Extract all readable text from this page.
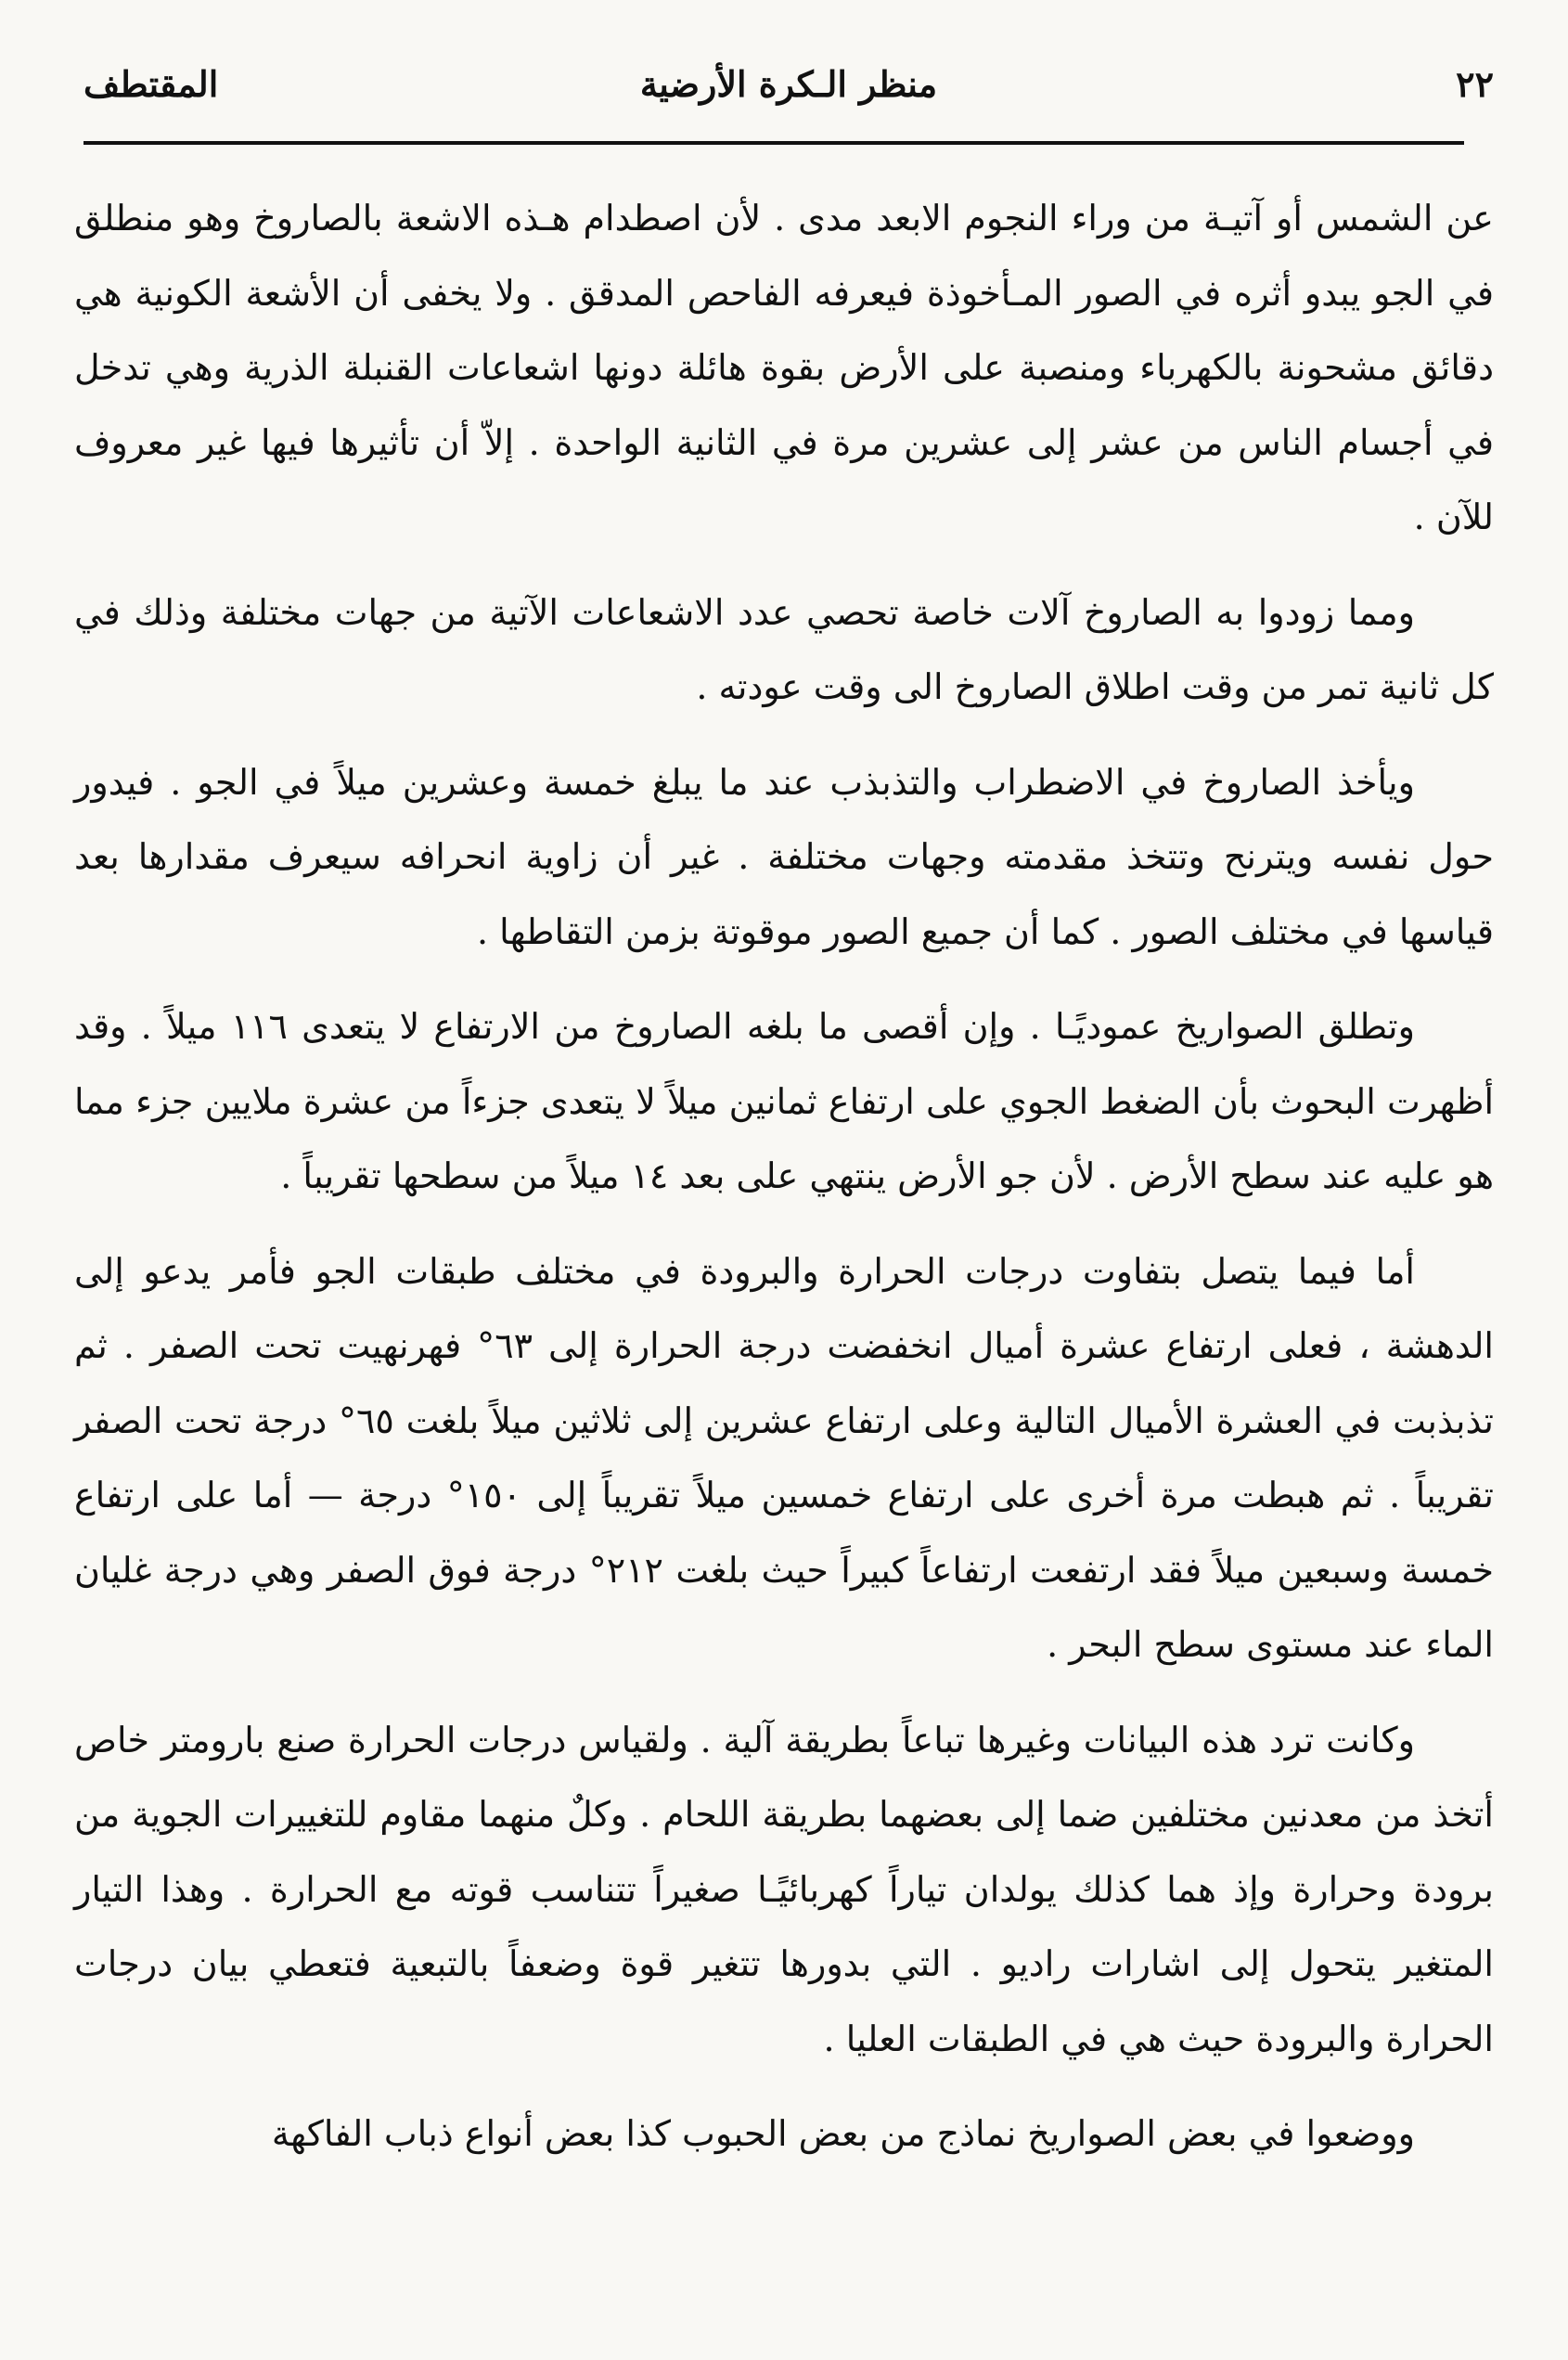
٢٢
منظر الـكرة الأرضية
المقتطف

عن الشمس أو آتيـة من وراء النجوم الابعد مدى . لأن اصطدام هـذه الاشعة بالصاروخ وهو منطلق في الجو يبدو أثره في الصور المـأخوذة فيعرفه الفاحص المدقق . ولا يخفى أن الأشعة الكونية هي دقائق مشحونة بالكهرباء ومنصبة على الأرض بقوة هائلة دونها اشعاعات القنبلة الذرية وهي تدخل في أجسام الناس من عشر إلى عشرين مرة في الثانية الواحدة . إلاّ أن تأثيرها فيها غير معروف للآن .

ومما زودوا به الصاروخ آلات خاصة تحصي عدد الاشعاعات الآتية من جهات مختلفة وذلك في كل ثانية تمر من وقت اطلاق الصاروخ الى وقت عودته .

ويأخذ الصاروخ في الاضطراب والتذبذب عند ما يبلغ خمسة وعشرين ميلاً في الجو . فيدور حول نفسه ويترنح وتتخذ مقدمته وجهات مختلفة . غير أن زاوية انحرافه سيعرف مقدارها بعد قياسها في مختلف الصور . كما أن جميع الصور موقوتة بزمن التقاطها .

وتطلق الصواريخ عموديًـا . وإن أقصى ما بلغه الصاروخ من الارتفاع لا يتعدى ١١٦ ميلاً . وقد أظهرت البحوث بأن الضغط الجوي على ارتفاع ثمانين ميلاً لا يتعدى جزءاً من عشرة ملايين جزء مما هو عليه عند سطح الأرض . لأن جو الأرض ينتهي على بعد ١٤ ميلاً من سطحها تقريباً .

أما فيما يتصل بتفاوت درجات الحرارة والبرودة في مختلف طبقات الجو فأمر يدعو إلى الدهشة ، فعلى ارتفاع عشرة أميال انخفضت درجة الحرارة إلى ٦٣° فهرنهيت تحت الصفر . ثم تذبذبت في العشرة الأميال التالية وعلى ارتفاع عشرين إلى ثلاثين ميلاً بلغت ٦٥° درجة تحت الصفر تقريباً . ثم هبطت مرة أخرى على ارتفاع خمسين ميلاً تقريباً إلى ١٥٠° درجة — أما على ارتفاع خمسة وسبعين ميلاً فقد ارتفعت ارتفاعاً كبيراً حيث بلغت ٢١٢° درجة فوق الصفر وهي درجة غليان الماء عند مستوى سطح البحر .

وكانت ترد هذه البيانات وغيرها تباعاً بطريقة آلية . ولقياس درجات الحرارة صنع بارومتر خاص أتخذ من معدنين مختلفين ضما إلى بعضهما بطريقة اللحام . وكلٌ منهما مقاوم للتغييرات الجوية من برودة وحرارة وإذ هما كذلك يولدان تياراً كهربائيًـا صغيراً تتناسب قوته مع الحرارة . وهذا التيار المتغير يتحول إلى اشارات راديو . التي بدورها تتغير قوة وضعفاً بالتبعية فتعطي بيان درجات الحرارة والبرودة حيث هي في الطبقات العليا .

ووضعوا في بعض الصواريخ نماذج من بعض الحبوب كذا بعض أنواع ذباب الفاكهة
